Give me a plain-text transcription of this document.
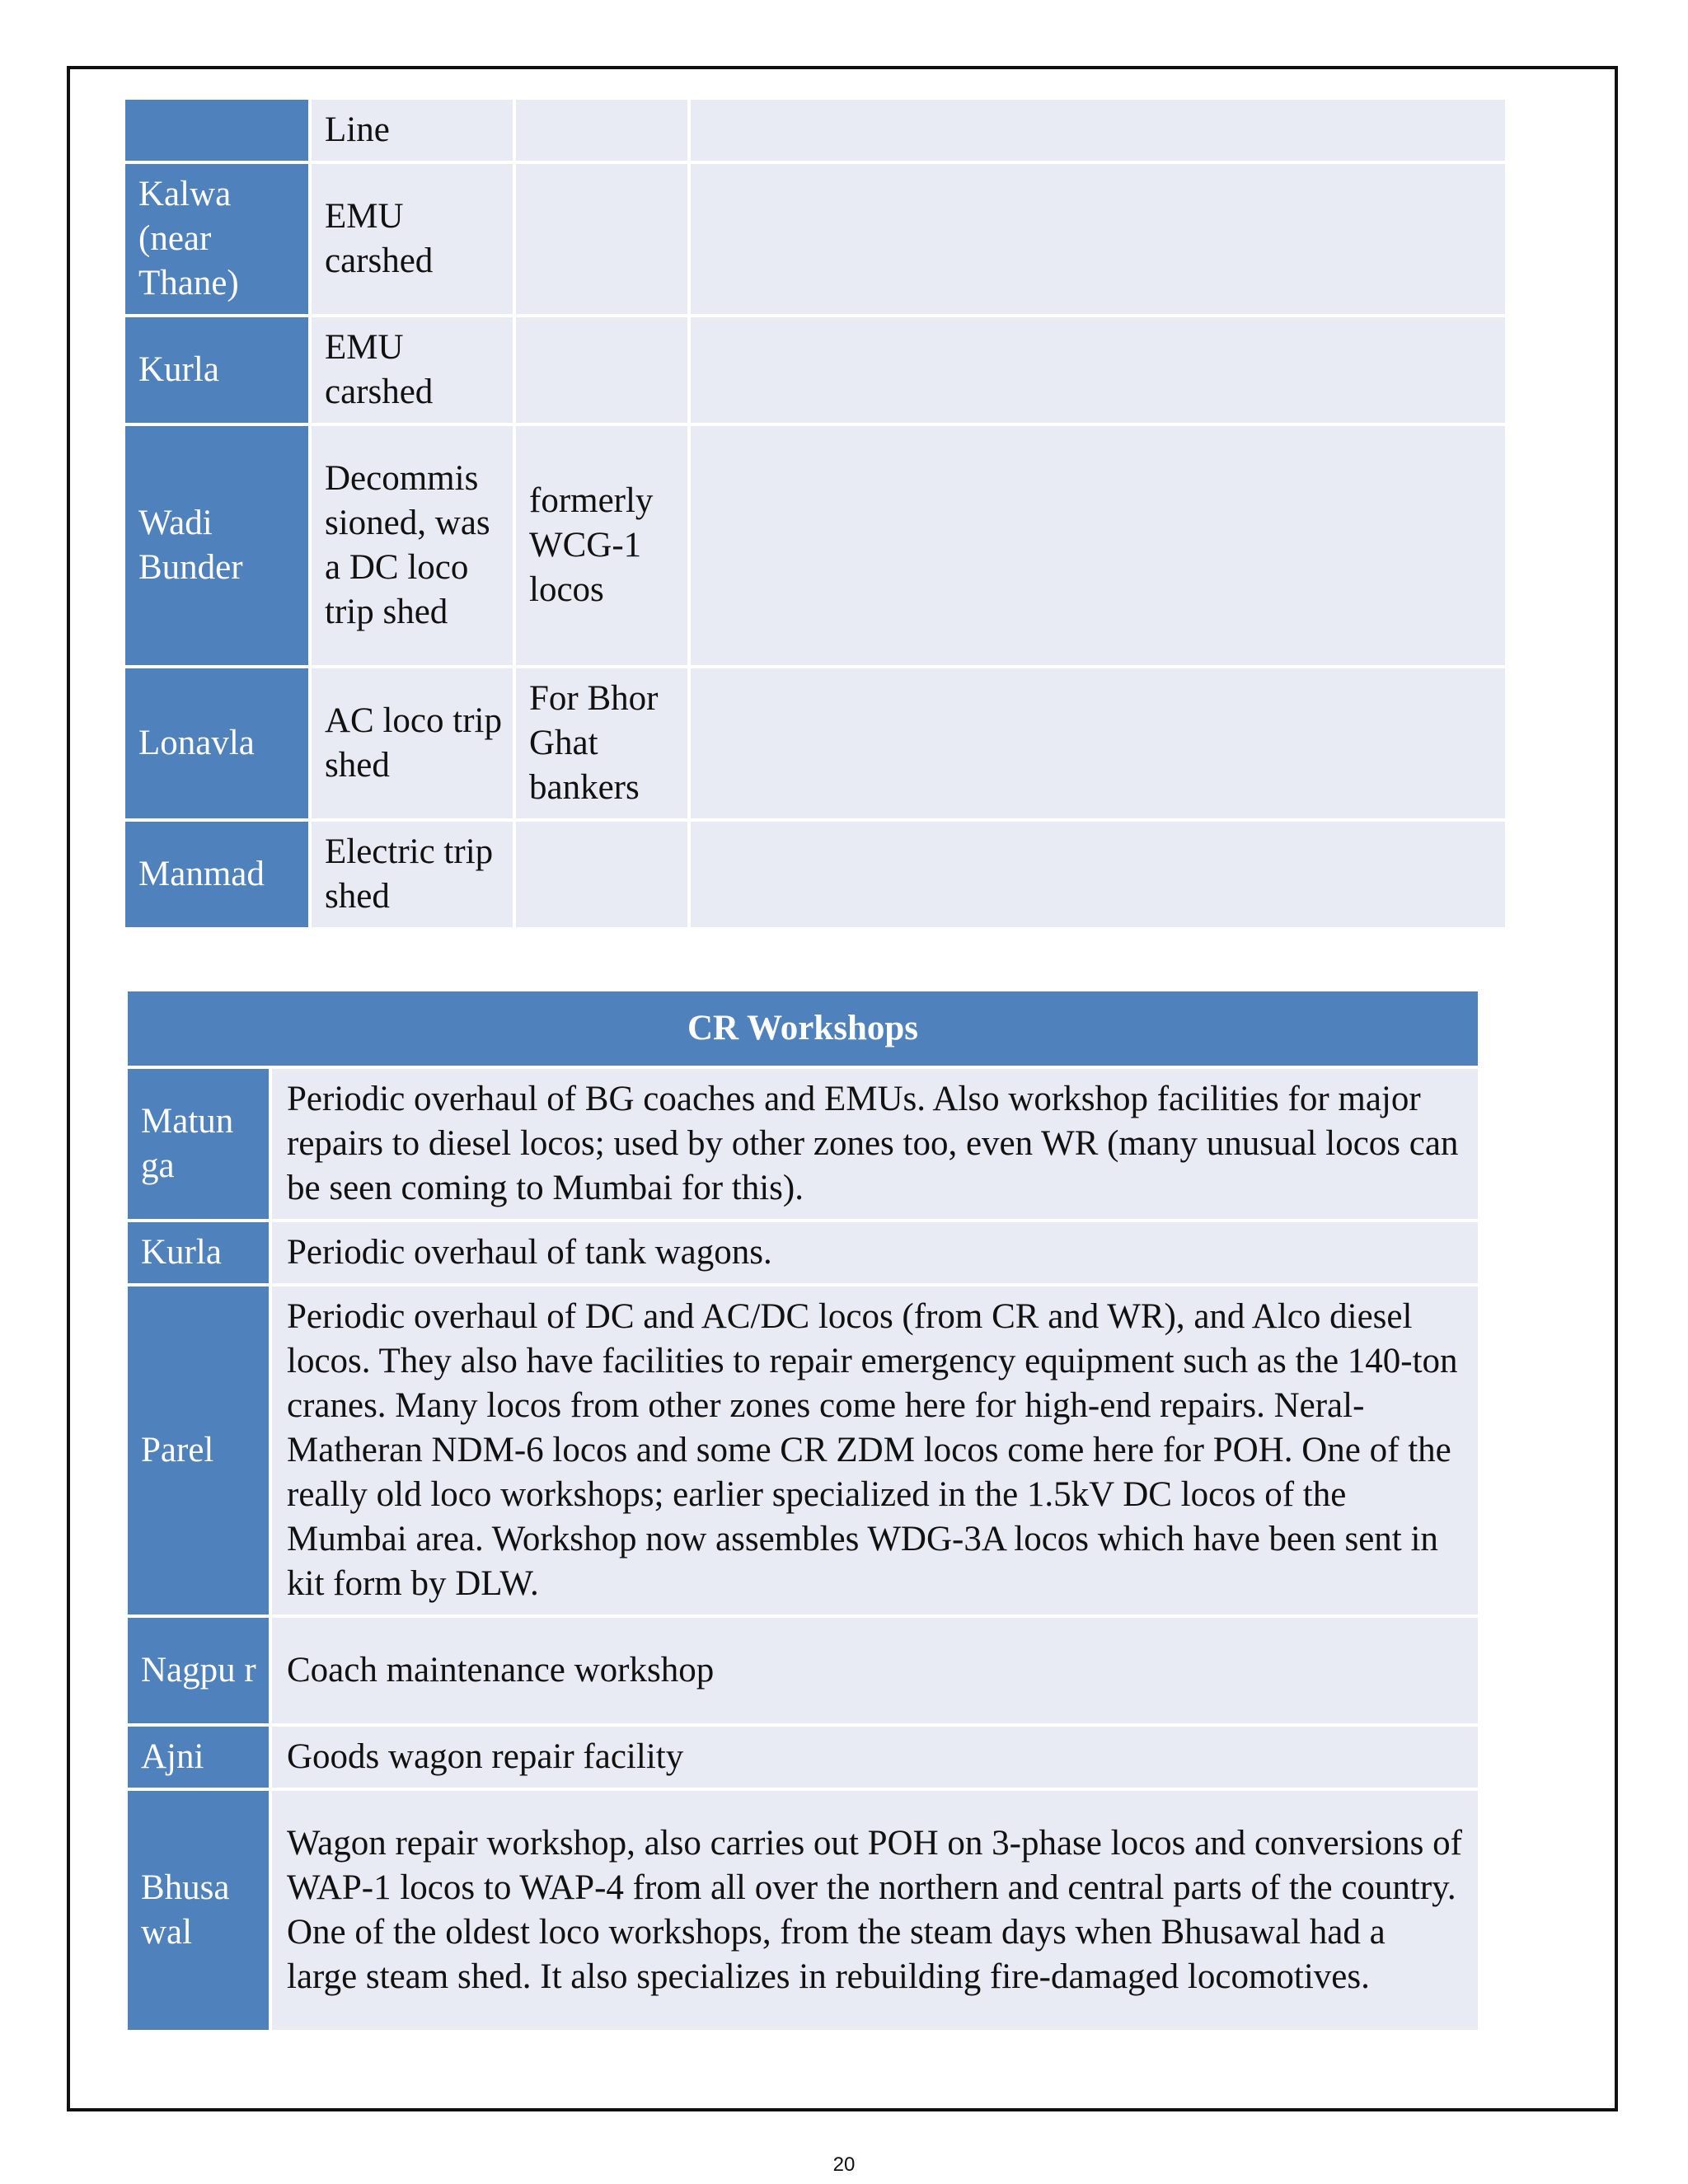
	Line		
Kalwa (near Thane)	EMU carshed		
Kurla	EMU carshed		
Wadi Bunder	Decommis sioned, was a DC loco trip shed	formerly WCG-1 locos	
Lonavla	AC loco trip shed	For Bhor Ghat bankers	
Manmad	Electric trip shed		
CR Workshops	
Matun ga	Periodic overhaul of BG coaches and EMUs. Also workshop facilities for major repairs to diesel locos; used by other zones too, even WR (many unusual locos can be seen coming to Mumbai for this).
Kurla	Periodic overhaul of tank wagons.
Parel	Periodic overhaul of DC and AC/DC locos (from CR and WR), and Alco diesel locos. They also have facilities to repair emergency equipment such as the 140-ton cranes. Many locos from other zones come here for high-end repairs. Neral-Matheran NDM-6 locos and some CR ZDM locos come here for POH. One of the really old loco workshops; earlier specialized in the 1.5kV DC locos of the Mumbai area. Workshop now assembles WDG-3A locos which have been sent in kit form by DLW.
Nagpu r	Coach maintenance workshop
Ajni	Goods wagon repair facility
Bhusa wal	Wagon repair workshop, also carries out POH on 3-phase locos and conversions of WAP-1 locos to WAP-4 from all over the northern and central parts of the country. One of the oldest loco workshops, from the steam days when Bhusawal had a large steam shed. It also specializes in rebuilding fire-damaged locomotives.
20
